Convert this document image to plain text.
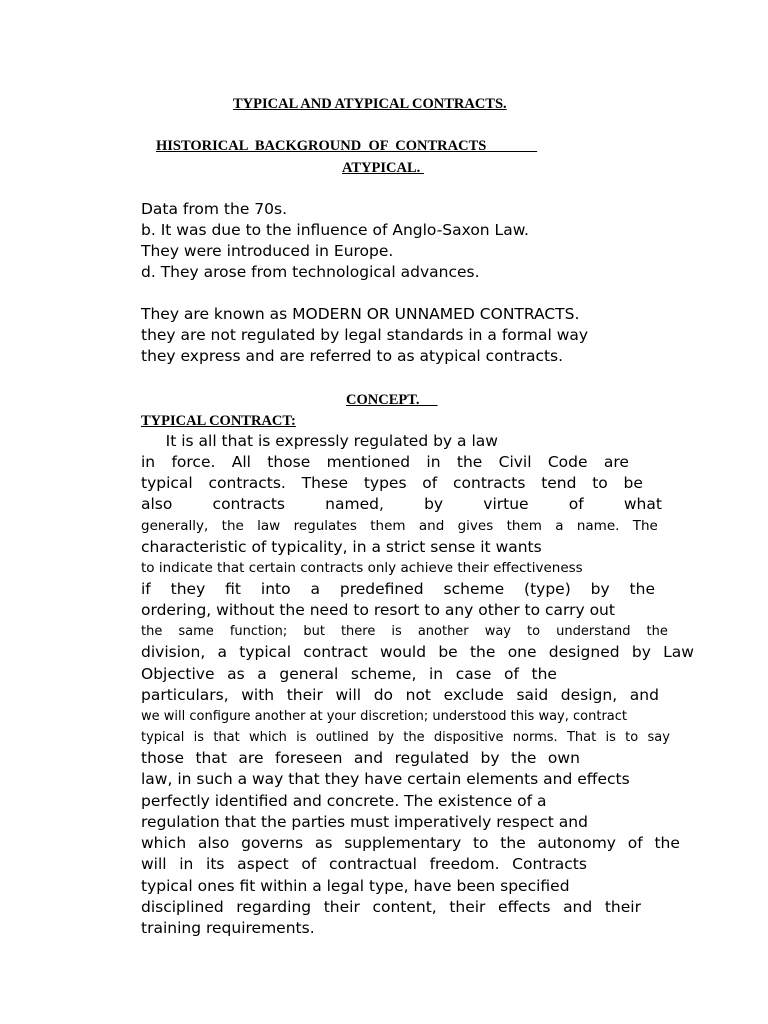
TYPICAL AND ATYPICAL CONTRACTS.
HISTORICAL  BACKGROUND  OF  CONTRACTS
ATYPICAL.
Data from the 70s.
b. It was due to the influence of Anglo-Saxon Law.
They were introduced in Europe.
d. They arose from technological advances.
They are known as MODERN OR UNNAMED CONTRACTS.
they are not regulated by legal standards in a formal way
they express and are referred to as atypical contracts.
CONCEPT.
TYPICAL CONTRACT:
It is all that is expressly regulated by a law
in force. All those mentioned in the Civil Code are
typical contracts. These types of contracts tend to be
also	contracts	named,	by	virtue	of	what
generally, the law regulates them and gives them a name. The
characteristic of typicality, in a strict sense it wants
to indicate that certain contracts only achieve their effectiveness
if they fit into a predefined scheme (type) by the
ordering, without the need to resort to any other to carry out
the same function; but there is another way to understand the
division, a typical contract would be the one designed by Law
Objective as a general scheme, in case of the
particulars, with their will do not exclude said design, and
we will configure another at your discretion; understood this way, contract
typical is that which is outlined by the dispositive norms. That is to say
those that are foreseen and regulated by the own
law, in such a way that they have certain elements and effects
perfectly identified and concrete. The existence of a
regulation that the parties must imperatively respect and
which also governs as supplementary to the autonomy of the
will in its aspect of contractual freedom. Contracts
typical ones fit within a legal type, have been specified
disciplined regarding their content, their effects and their
training requirements.
